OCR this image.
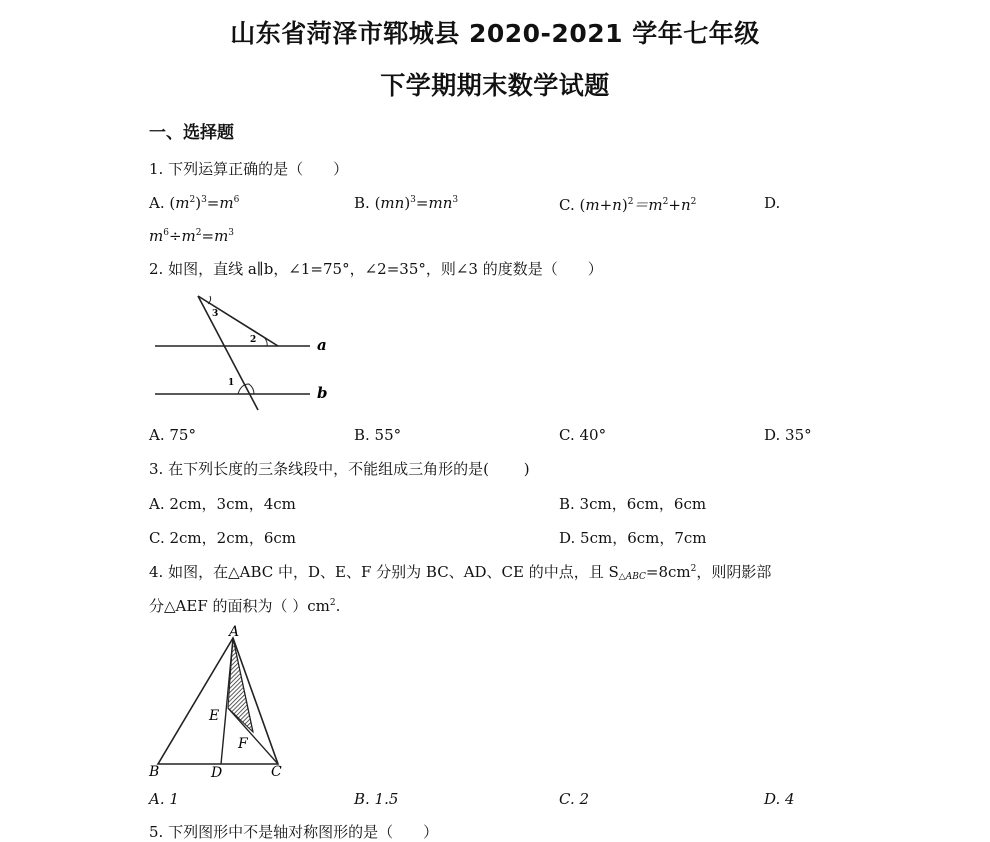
山东省菏泽市郓城县 2020-2021 学年七年级
下学期期末数学试题
一、选择题
1. 下列运算正确的是（　　）
A. $(m^2)^3=m^6$	B. $(mn)^3=mn^3$	C. $(m+n)^2=m^2+n^2$	D.
$m^6\div m^2=m^3$
2. 如图，直线 a∥b，∠1=75°，∠2=35°，则∠3 的度数是（　　）
3
2
1
a
b
A. 75°	B. 55°	C. 40°	D. 35°
3. 在下列长度的三条线段中，不能组成三角形的是(　　 )
A. 2cm，3cm，4cm	B. 3cm，6cm，6cm
C. 2cm，2cm，6cm	D. 5cm，6cm，7cm
4. 如图，在△ABC 中，D、E、F 分别为 BC、AD、CE 的中点，且 $S_{\triangle ABC}=8cm^2$，则阴影部
分△AEF 的面积为（ ）$cm^2$.
A
B	C
D
E
F
A. 1	B. 1.5	C. 2	D. 4
5. 下列图形中不是轴对称图形的是（　　）
